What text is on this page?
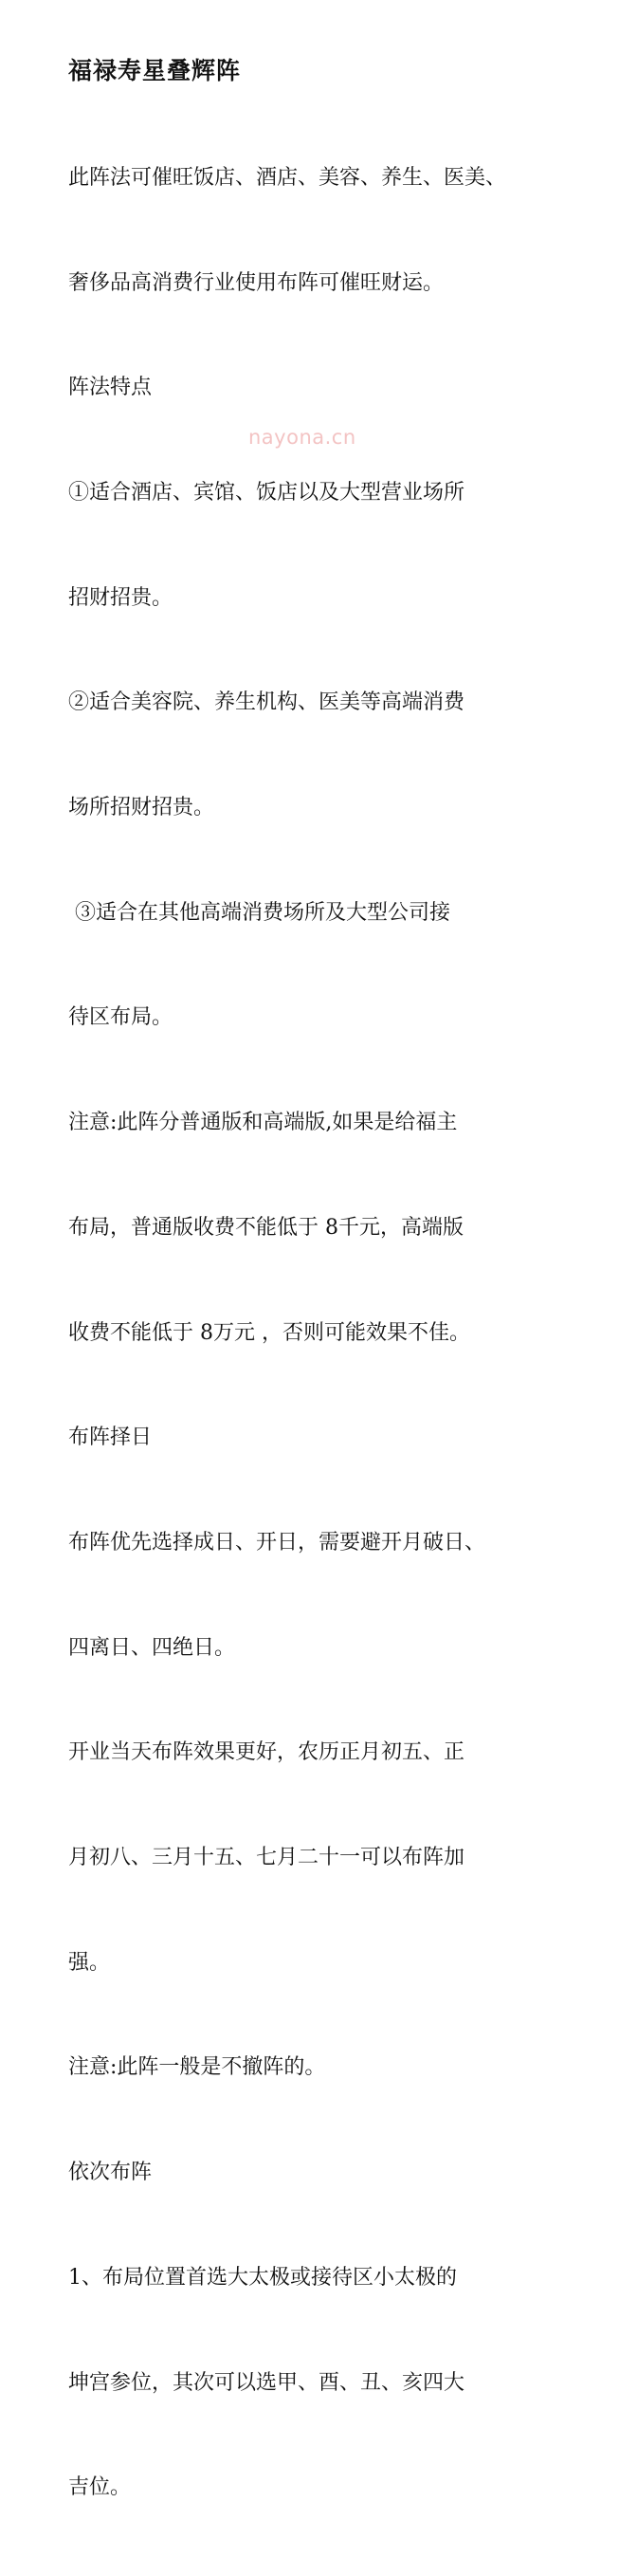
福禄寿星叠辉阵

此阵法可催旺饭店、酒店、美容、养生、医美、

奢侈品高消费行业使用布阵可催旺财运。

阵法特点

①适合酒店、宾馆、饭店以及大型营业场所

招财招贵。

②适合美容院、养生机构、医美等高端消费

场所招财招贵。

③适合在其他高端消费场所及大型公司接

待区布局。

注意:此阵分普通版和高端版,如果是给福主

布局，普通版收费不能低于 8千元，高端版

收费不能低于 8万元 ，否则可能效果不佳。

布阵择日

布阵优先选择成日、开日，需要避开月破日、

四离日、四绝日。

开业当天布阵效果更好，农历正月初五、正

月初八、三月十五、七月二十一可以布阵加

强。

注意:此阵一般是不撤阵的。

依次布阵

1、布局位置首选大太极或接待区小太极的

坤宫参位，其次可以选甲、酉、丑、亥四大

吉位。

nayona.cn
